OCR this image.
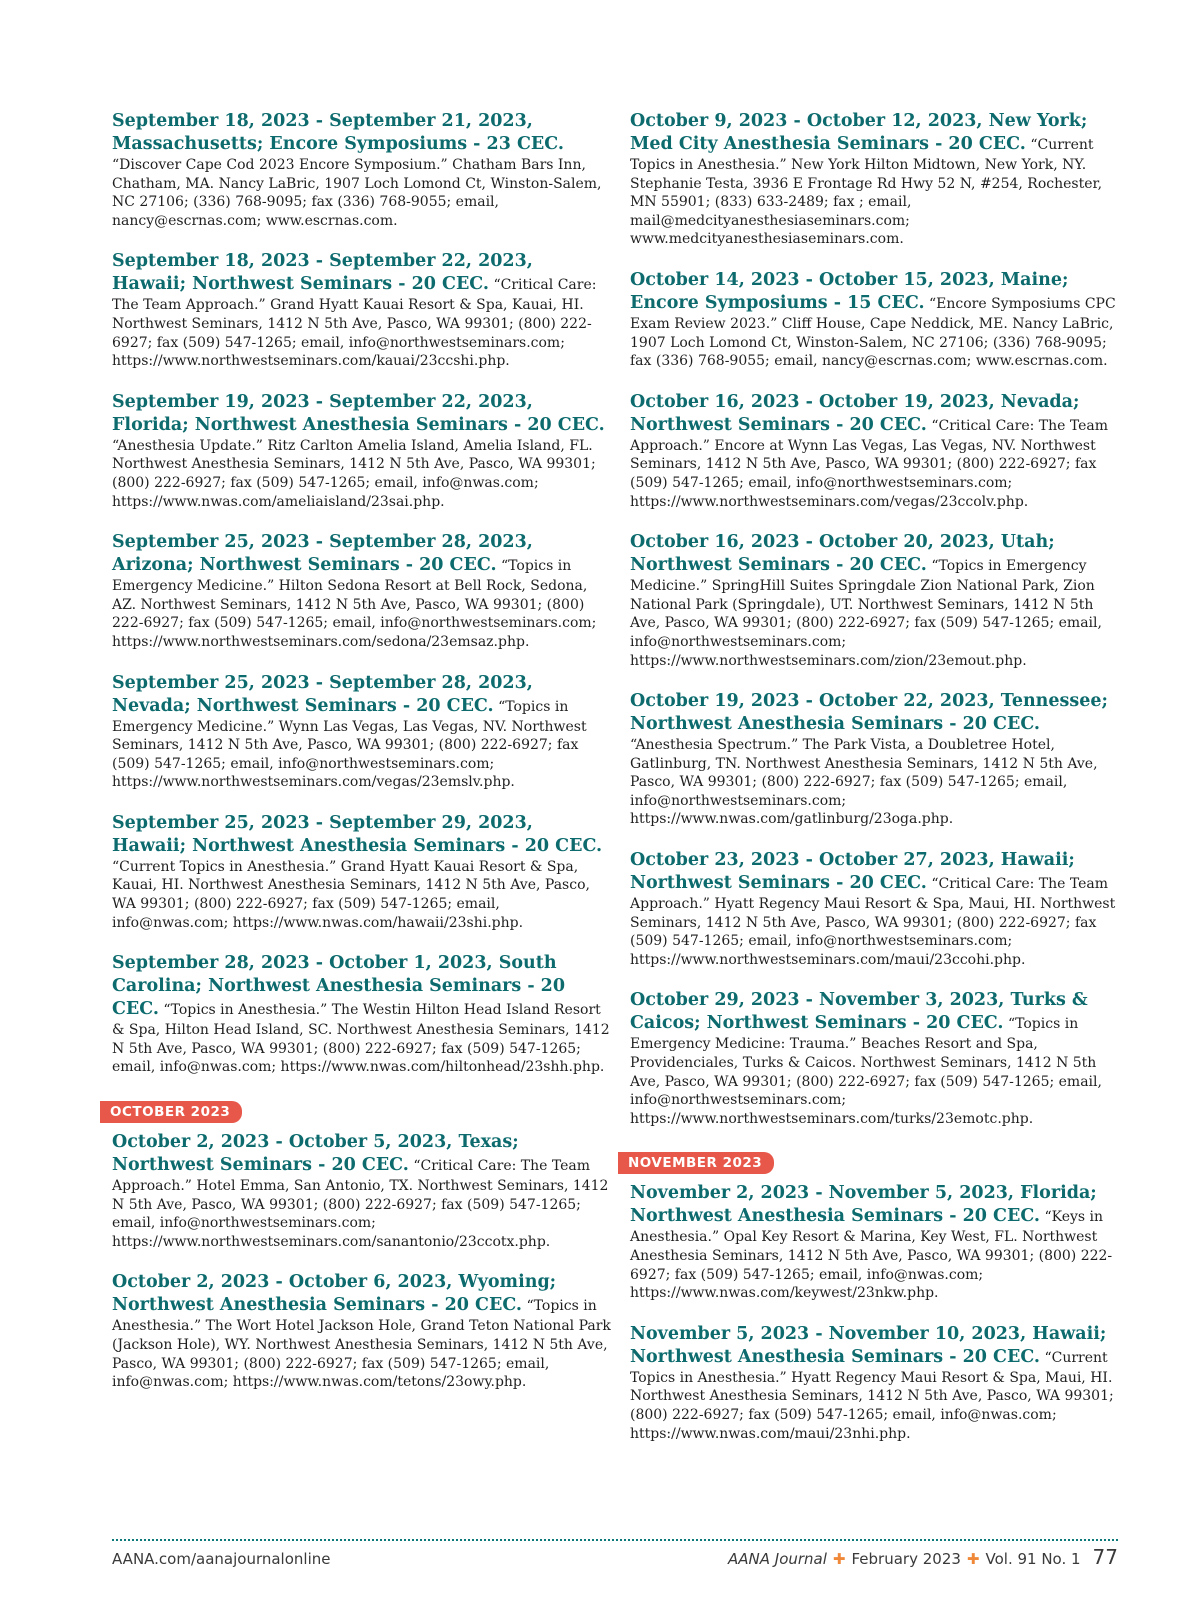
September 18, 2023 - September 21, 2023, Massachusetts; Encore Symposiums - 23 CEC. “Discover Cape Cod 2023 Encore Symposium.” Chatham Bars Inn, Chatham, MA. Nancy LaBric, 1907 Loch Lomond Ct, Winston-Salem, NC 27106; (336) 768-9095; fax (336) 768-9055; email, nancy@escrnas.com; www.escrnas.com.

September 18, 2023 - September 22, 2023, Hawaii; Northwest Seminars - 20 CEC. “Critical Care: The Team Approach.” Grand Hyatt Kauai Resort & Spa, Kauai, HI. Northwest Seminars, 1412 N 5th Ave, Pasco, WA 99301; (800) 222-6927; fax (509) 547-1265; email, info@northwestseminars.com; https://www.northwestseminars.com/kauai/23ccshi.php.

September 19, 2023 - September 22, 2023, Florida; Northwest Anesthesia Seminars - 20 CEC. “Anesthesia Update.” Ritz Carlton Amelia Island, Amelia Island, FL. Northwest Anesthesia Seminars, 1412 N 5th Ave, Pasco, WA 99301; (800) 222-6927; fax (509) 547-1265; email, info@nwas.com; https://www.nwas.com/ameliaisland/23sai.php.

September 25, 2023 - September 28, 2023, Arizona; Northwest Seminars - 20 CEC. “Topics in Emergency Medicine.” Hilton Sedona Resort at Bell Rock, Sedona, AZ. Northwest Seminars, 1412 N 5th Ave, Pasco, WA 99301; (800) 222-6927; fax (509) 547-1265; email, info@northwestseminars.com; https://www.northwestseminars.com/sedona/23emsaz.php.

September 25, 2023 - September 28, 2023, Nevada; Northwest Seminars - 20 CEC. “Topics in Emergency Medicine.” Wynn Las Vegas, Las Vegas, NV. Northwest Seminars, 1412 N 5th Ave, Pasco, WA 99301; (800) 222-6927; fax (509) 547-1265; email, info@northwestseminars.com; https://www.northwestseminars.com/vegas/23emslv.php.

September 25, 2023 - September 29, 2023, Hawaii; Northwest Anesthesia Seminars - 20 CEC. “Current Topics in Anesthesia.” Grand Hyatt Kauai Resort & Spa, Kauai, HI. Northwest Anesthesia Seminars, 1412 N 5th Ave, Pasco, WA 99301; (800) 222-6927; fax (509) 547-1265; email, info@nwas.com; https://www.nwas.com/hawaii/23shi.php.

September 28, 2023 - October 1, 2023, South Carolina; Northwest Anesthesia Seminars - 20 CEC. “Topics in Anesthesia.” The Westin Hilton Head Island Resort & Spa, Hilton Head Island, SC. Northwest Anesthesia Seminars, 1412 N 5th Ave, Pasco, WA 99301; (800) 222-6927; fax (509) 547-1265; email, info@nwas.com; https://www.nwas.com/hiltonhead/23shh.php.

OCTOBER 2023

October 2, 2023 - October 5, 2023, Texas; Northwest Seminars - 20 CEC. “Critical Care: The Team Approach.” Hotel Emma, San Antonio, TX. Northwest Seminars, 1412 N 5th Ave, Pasco, WA 99301; (800) 222-6927; fax (509) 547-1265; email, info@northwestseminars.com; https://www.northwestseminars.com/sanantonio/23ccotx.php.

October 2, 2023 - October 6, 2023, Wyoming; Northwest Anesthesia Seminars - 20 CEC. “Topics in Anesthesia.” The Wort Hotel Jackson Hole, Grand Teton National Park (Jackson Hole), WY. Northwest Anesthesia Seminars, 1412 N 5th Ave, Pasco, WA 99301; (800) 222-6927; fax (509) 547-1265; email, info@nwas.com; https://www.nwas.com/tetons/23owy.php.

October 9, 2023 - October 12, 2023, New York; Med City Anesthesia Seminars - 20 CEC. “Current Topics in Anesthesia.” New York Hilton Midtown, New York, NY. Stephanie Testa, 3936 E Frontage Rd Hwy 52 N, #254, Rochester, MN 55901; (833) 633-2489; fax ; email, mail@medcityanesthesiaseminars.com; www.medcityanesthesiaseminars.com.

October 14, 2023 - October 15, 2023, Maine; Encore Symposiums - 15 CEC. “Encore Symposiums CPC Exam Review 2023.” Cliff House, Cape Neddick, ME. Nancy LaBric, 1907 Loch Lomond Ct, Winston-Salem, NC 27106; (336) 768-9095; fax (336) 768-9055; email, nancy@escrnas.com; www.escrnas.com.

October 16, 2023 - October 19, 2023, Nevada; Northwest Seminars - 20 CEC. “Critical Care: The Team Approach.” Encore at Wynn Las Vegas, Las Vegas, NV. Northwest Seminars, 1412 N 5th Ave, Pasco, WA 99301; (800) 222-6927; fax (509) 547-1265; email, info@northwestseminars.com; https://www.northwestseminars.com/vegas/23ccolv.php.

October 16, 2023 - October 20, 2023, Utah; Northwest Seminars - 20 CEC. “Topics in Emergency Medicine.” SpringHill Suites Springdale Zion National Park, Zion National Park (Springdale), UT. Northwest Seminars, 1412 N 5th Ave, Pasco, WA 99301; (800) 222-6927; fax (509) 547-1265; email, info@northwestseminars.com; https://www.northwestseminars.com/zion/23emout.php.

October 19, 2023 - October 22, 2023, Tennessee; Northwest Anesthesia Seminars - 20 CEC. “Anesthesia Spectrum.” The Park Vista, a Doubletree Hotel, Gatlinburg, TN. Northwest Anesthesia Seminars, 1412 N 5th Ave, Pasco, WA 99301; (800) 222-6927; fax (509) 547-1265; email, info@northwestseminars.com; https://www.nwas.com/gatlinburg/23oga.php.

October 23, 2023 - October 27, 2023, Hawaii; Northwest Seminars - 20 CEC. “Critical Care: The Team Approach.” Hyatt Regency Maui Resort & Spa, Maui, HI. Northwest Seminars, 1412 N 5th Ave, Pasco, WA 99301; (800) 222-6927; fax (509) 547-1265; email, info@northwestseminars.com; https://www.northwestseminars.com/maui/23ccohi.php.

October 29, 2023 - November 3, 2023, Turks & Caicos; Northwest Seminars - 20 CEC. “Topics in Emergency Medicine: Trauma.” Beaches Resort and Spa, Providenciales, Turks & Caicos. Northwest Seminars, 1412 N 5th Ave, Pasco, WA 99301; (800) 222-6927; fax (509) 547-1265; email, info@northwestseminars.com; https://www.northwestseminars.com/turks/23emotc.php.

NOVEMBER 2023

November 2, 2023 - November 5, 2023, Florida; Northwest Anesthesia Seminars - 20 CEC. “Keys in Anesthesia.” Opal Key Resort & Marina, Key West, FL. Northwest Anesthesia Seminars, 1412 N 5th Ave, Pasco, WA 99301; (800) 222-6927; fax (509) 547-1265; email, info@nwas.com; https://www.nwas.com/keywest/23nkw.php.

November 5, 2023 - November 10, 2023, Hawaii; Northwest Anesthesia Seminars - 20 CEC. “Current Topics in Anesthesia.” Hyatt Regency Maui Resort & Spa, Maui, HI. Northwest Anesthesia Seminars, 1412 N 5th Ave, Pasco, WA 99301; (800) 222-6927; fax (509) 547-1265; email, info@nwas.com; https://www.nwas.com/maui/23nhi.php.

AANA.com/aanajournalonline	AANA Journal ✚ February 2023 ✚ Vol. 91 No. 1 77
